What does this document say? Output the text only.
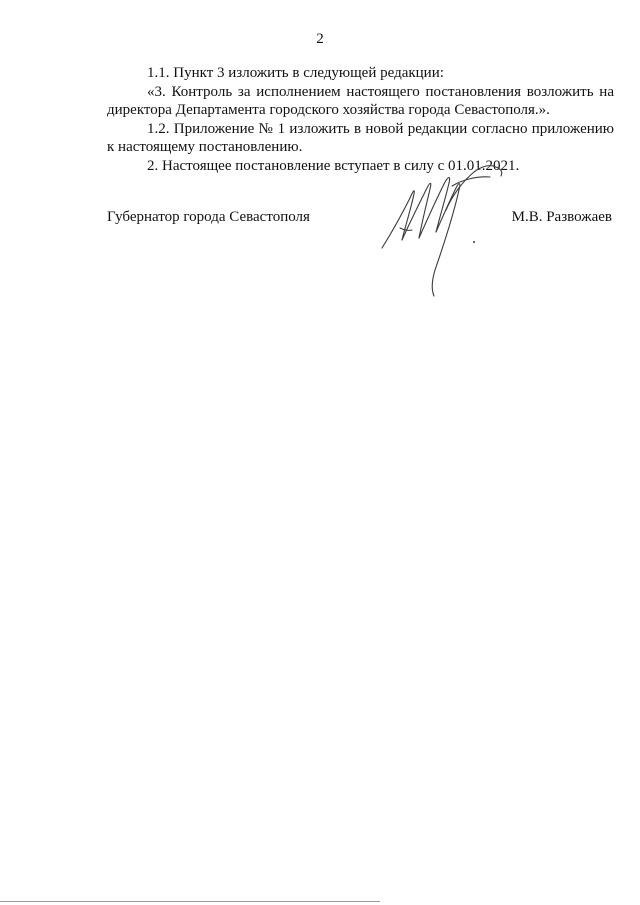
2

1.1. Пункт 3 изложить в следующей редакции:

«3. Контроль за исполнением настоящего постановления возложить на директора Департамента городского хозяйства города Севастополя.».

1.2. Приложение № 1 изложить в новой редакции согласно приложению к настоящему постановлению.

2. Настоящее постановление вступает в силу с 01.01.2021.

Губернатор города Севастополя	М.В. Развожаев
